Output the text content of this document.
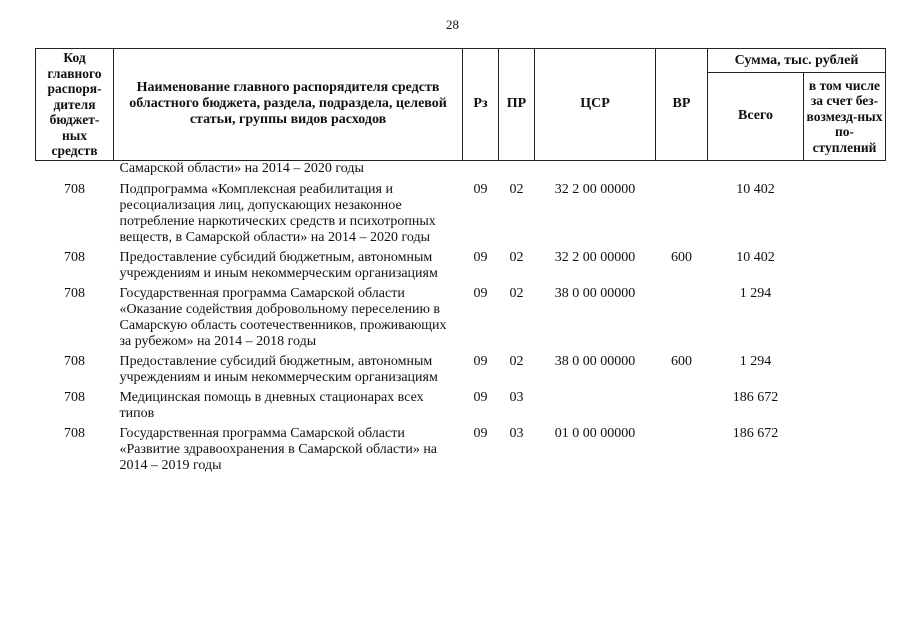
28
Код главного распоря-дителя бюджет-ных средств	Наименование главного распорядителя средств областного бюджета, раздела, подраздела, целевой статьи, группы видов расходов	Рз	ПР	ЦСР	ВР	Сумма, тыс. рублей	
						Всего	в том числе за счет без-возмезд-ных по-ступлений
	Самарской области» на 2014 – 2020 годы						
708	Подпрограмма «Комплексная реабилитация и ресоциализация лиц, допускающих незаконное потребление наркотических средств и психотропных веществ, в Самарской области» на 2014 – 2020 годы	09	02	32 2 00 00000		10 402	
708	Предоставление субсидий бюджетным, автономным учреждениям и иным некоммерческим организациям	09	02	32 2 00 00000	600	10 402	
708	Государственная программа Самарской области «Оказание содействия добровольному переселению в Самарскую область соотечественников, проживающих за рубежом» на 2014 – 2018 годы	09	02	38 0 00 00000		1 294	
708	Предоставление субсидий бюджетным, автономным учреждениям и иным некоммерческим организациям	09	02	38 0 00 00000	600	1 294	
708	Медицинская помощь в дневных стационарах всех типов	09	03			186 672	
708	Государственная программа Самарской области «Развитие здравоохранения в Самарской области» на 2014 – 2019 годы	09	03	01 0 00 00000		186 672	
